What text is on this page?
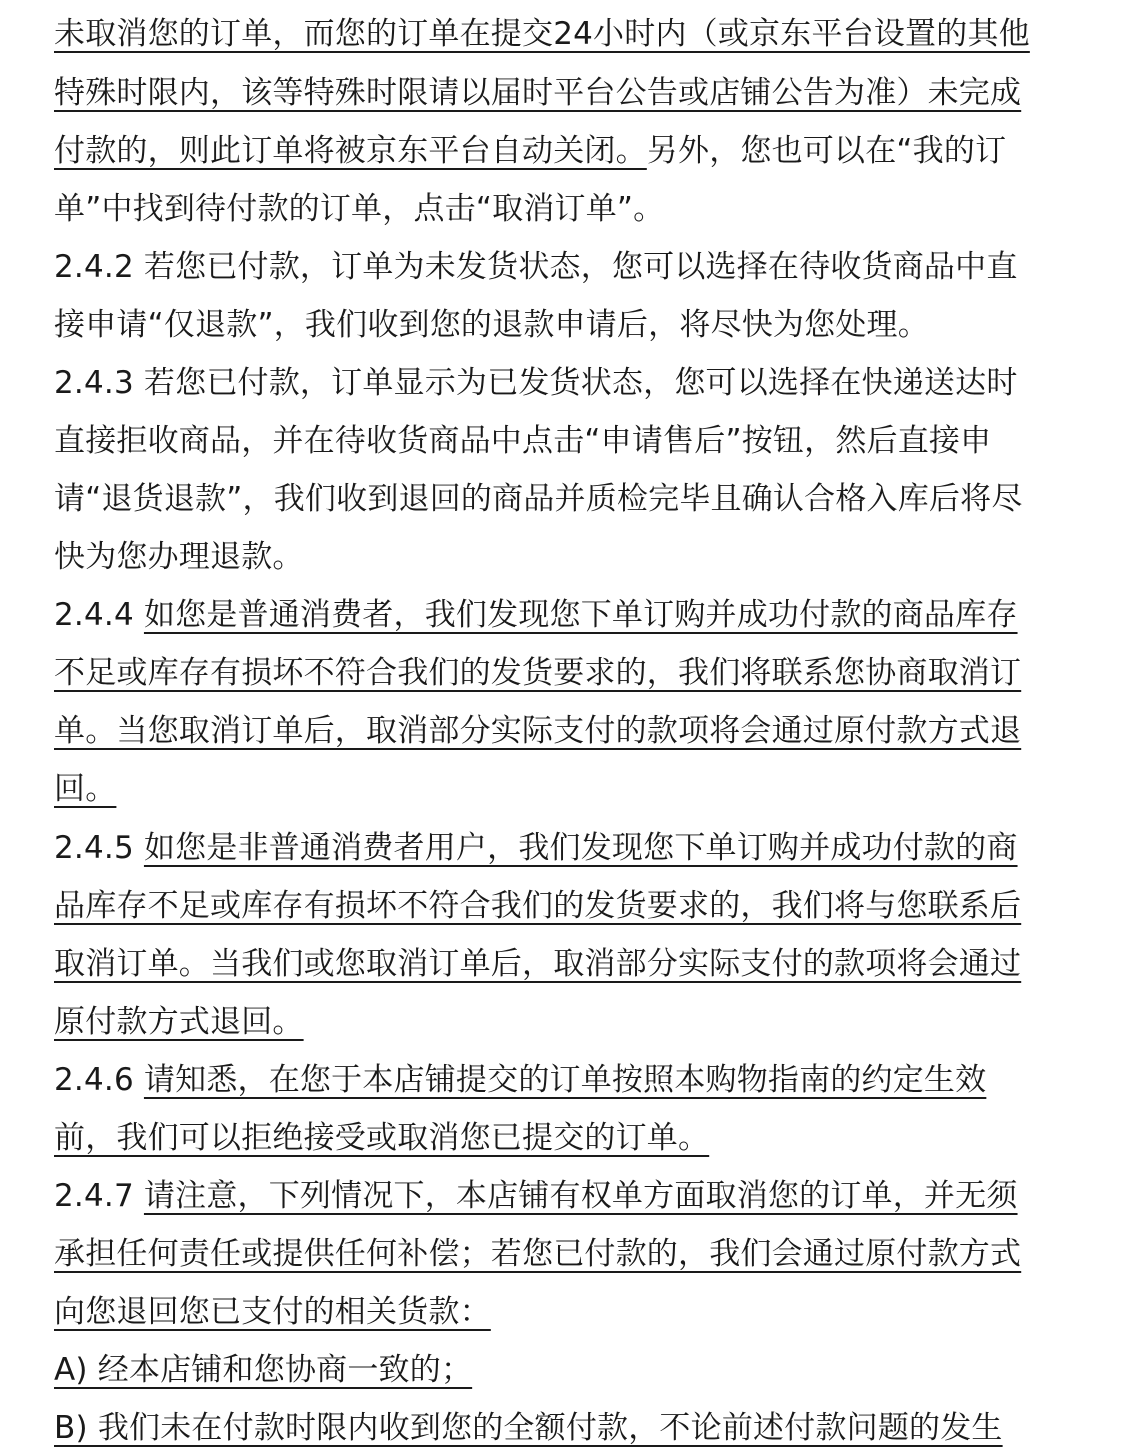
未取消您的订单，而您的订单在提交24小时内（或京东平台设置的其他
特殊时限内，该等特殊时限请以届时平台公告或店铺公告为准）未完成
付款的，则此订单将被京东平台自动关闭。另外，您也可以在“我的订
单”中找到待付款的订单，点击“取消订单”。
2.4.2 若您已付款，订单为未发货状态，您可以选择在待收货商品中直
接申请“仅退款”，我们收到您的退款申请后，将尽快为您处理。
2.4.3 若您已付款，订单显示为已发货状态，您可以选择在快递送达时
直接拒收商品，并在待收货商品中点击“申请售后”按钮，然后直接申
请“退货退款”，我们收到退回的商品并质检完毕且确认合格入库后将尽
快为您办理退款。
2.4.4 如您是普通消费者，我们发现您下单订购并成功付款的商品库存
不足或库存有损坏不符合我们的发货要求的，我们将联系您协商取消订
单。当您取消订单后，取消部分实际支付的款项将会通过原付款方式退
回。
2.4.5 如您是非普通消费者用户，我们发现您下单订购并成功付款的商
品库存不足或库存有损坏不符合我们的发货要求的，我们将与您联系后
取消订单。当我们或您取消订单后，取消部分实际支付的款项将会通过
原付款方式退回。
2.4.6 请知悉，在您于本店铺提交的订单按照本购物指南的约定生效
前，我们可以拒绝接受或取消您已提交的订单。
2.4.7 请注意，下列情况下，本店铺有权单方面取消您的订单，并无须
承担任何责任或提供任何补偿；若您已付款的，我们会通过原付款方式
向您退回您已支付的相关货款：
A) 经本店铺和您协商一致的；
B) 我们未在付款时限内收到您的全额付款，不论前述付款问题的发生
